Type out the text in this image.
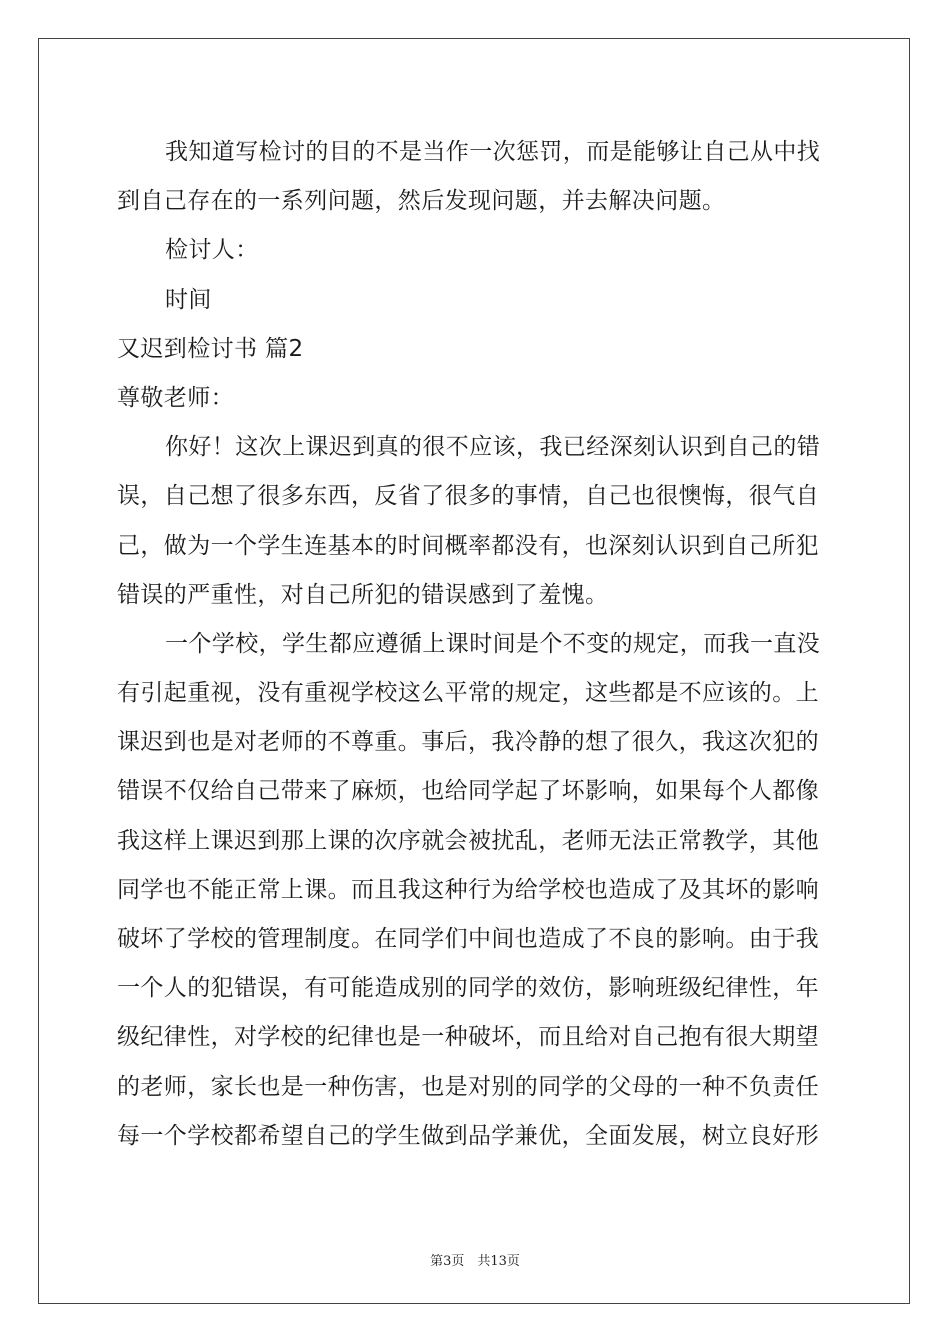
我知道写检讨的目的不是当作一次惩罚，而是能够让自己从中找
到自己存在的一系列问题，然后发现问题，并去解决问题。
检讨人：
时间
又迟到检讨书 篇2
尊敬老师：
你好！这次上课迟到真的很不应该，我已经深刻认识到自己的错
误，自己想了很多东西，反省了很多的事情，自己也很懊悔，很气自
己，做为一个学生连基本的时间概率都没有，也深刻认识到自己所犯
错误的严重性，对自己所犯的错误感到了羞愧。
一个学校，学生都应遵循上课时间是个不变的规定，而我一直没
有引起重视，没有重视学校这么平常的规定，这些都是不应该的。上
课迟到也是对老师的不尊重。事后，我冷静的想了很久，我这次犯的
错误不仅给自己带来了麻烦，也给同学起了坏影响，如果每个人都像
我这样上课迟到那上课的次序就会被扰乱，老师无法正常教学，其他
同学也不能正常上课。而且我这种行为给学校也造成了及其坏的影响
破坏了学校的管理制度。在同学们中间也造成了不良的影响。由于我
一个人的犯错误，有可能造成别的同学的效仿，影响班级纪律性，年
级纪律性，对学校的纪律也是一种破坏，而且给对自己抱有很大期望
的老师，家长也是一种伤害，也是对别的同学的父母的一种不负责任
每一个学校都希望自己的学生做到品学兼优，全面发展，树立良好形
第3页　共13页
